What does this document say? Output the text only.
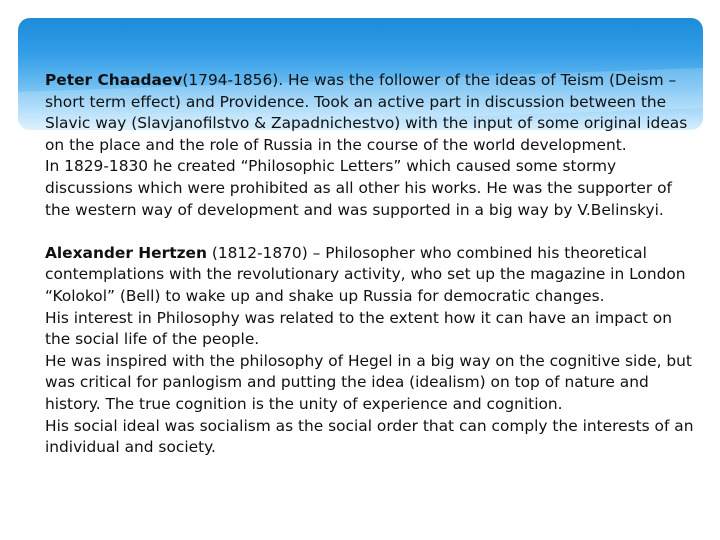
Peter Chaadaev(1794-1856). He was the follower of the ideas of Teism (Deism – short term effect) and Providence. Took an active part in discussion between the Slavic way (Slavjanofilstvo & Zapadnichestvo) with the input of some original ideas on the place and the role of Russia in the course of the world development.

In 1829-1830 he created “Philosophic Letters” which caused some stormy discussions which were prohibited as all other his works. He was the supporter of the western way of development and was supported in a big way by V.Belinskyi.

Alexander Hertzen (1812-1870) – Philosopher who combined his theoretical contemplations with the revolutionary activity, who set up the magazine in London “Kolokol” (Bell) to wake up and shake up Russia for democratic changes.

His interest in Philosophy was related to the extent how it can have an impact on the social life of the people.

He was inspired with the philosophy of Hegel in a big way on the cognitive side, but was critical for panlogism and putting the idea (idealism) on top of nature and history. The true cognition is the unity of experience and cognition.

His social ideal was socialism as the social order that can comply the interests of an individual and society.
